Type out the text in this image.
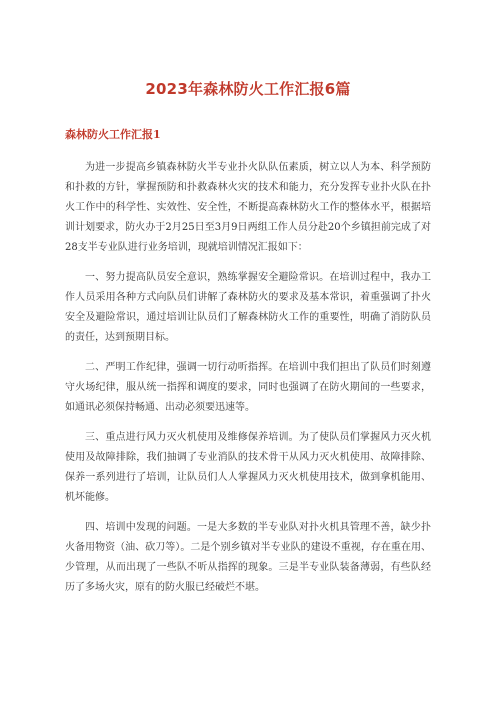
2023年森林防火工作汇报6篇
森林防火工作汇报1

为进一步提高乡镇森林防火半专业扑火队队伍素质，树立以人为本、科学预防和扑救的方针，掌握预防和扑救森林火灾的技术和能力，充分发挥专业扑火队在扑火工作中的科学性、实效性、安全性，不断提高森林防火工作的整体水平，根据培训计划要求，防火办于2月25日至3月9日两组工作人员分赴20个乡镇担前完成了对28支半专业队进行业务培训，现就培训情况汇报如下：

一、努力提高队员安全意识，熟练掌握安全避险常识。在培训过程中，我办工作人员采用各种方式向队员们讲解了森林防火的要求及基本常识，着重强调了扑火安全及避险常识，通过培训让队员们了解森林防火工作的重要性，明确了消防队员的责任，达到预期目标。

二、严明工作纪律，强调一切行动听指挥。在培训中我们担出了队员们时刻遵守火场纪律，服从统一指挥和调度的要求，同时也强调了在防火期间的一些要求，如通讯必须保持畅通、出动必须要迅速等。

三、重点进行风力灭火机使用及维修保养培训。为了使队员们掌握风力灭火机使用及故障排除，我们抽调了专业消队的技术骨干从风力灭火机使用、故障排除、保养一系列进行了培训，让队员们人人掌握风力灭火机使用技术，做到拿机能用、机坏能修。

四、培训中发现的问题。一是大多数的半专业队对扑火机具管理不善，缺少扑火备用物资（油、砍刀等）。二是个别乡镇对半专业队的建设不重视，存在重在用、少管理，从而出现了一些队不听从指挥的现象。三是半专业队装备薄弱，有些队经历了多场火灾，原有的防火服已经破烂不堪。
